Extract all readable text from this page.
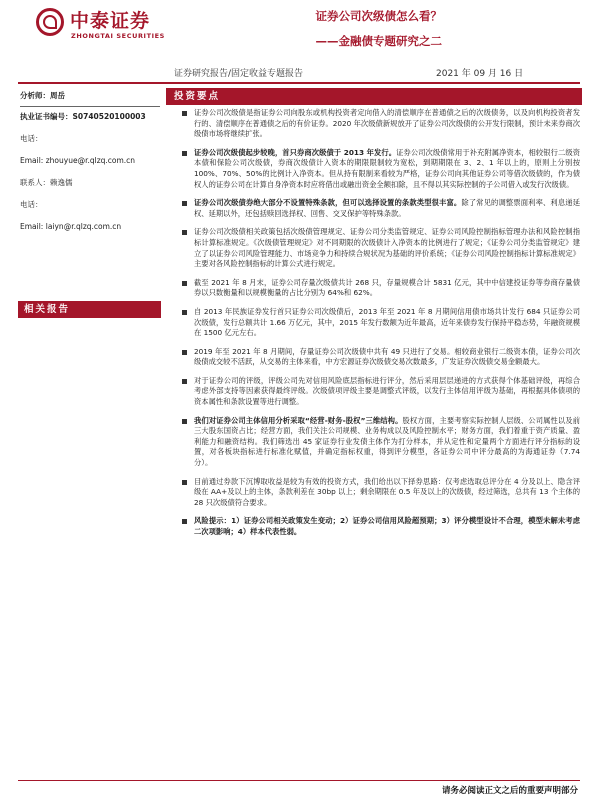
中泰证券
ZHONGTAI SECURITIES
证券公司次级债怎么看？
——金融债专题研究之二
证券研究报告/固定收益专题报告	2021 年 09 月 16 日
分析师：周岳
执业证书编号：S0740520100003
电话：
Email: zhouyue@r.qlzq.com.cn
联系人：赖逸儒
电话：
Email: laiyn@r.qlzq.com.cn
相关报告
投资要点
证券公司次级债是指证券公司向股东或机构投资者定向借入的清偿顺序在普通债之后的次级债务，以及向机构投资者发行的、清偿顺序在普通债之后的有价证券。2020 年次级债新规放开了证券公司次级债的公开发行限制，预计未来券商次级债市场将继续扩张。
证券公司次级债起步较晚，首只券商次级债于 2013 年发行。证券公司次级债常用于补充附属净资本，相较银行二级资本债和保险公司次级债，券商次级债计入资本的期限限制较为宽松，到期期限在 3、2、1 年以上的，原则上分别按 100%、70%、50%的比例计入净资本。但从持有限制来看较为严格，证券公司向其他证券公司等借次级债的，作为债权人的证券公司在计算自身净资本时应将借出或融出资金全额扣除，且不得以其实际控制的子公司借入或发行次级债。
证券公司次级债券绝大部分不设置特殊条款，但可以选择设置的条款类型很丰富。除了常见的调整票面利率、利息递延权、延期以外，还包括赎回选择权、回售、交叉保护等特殊条款。
证券公司次级债相关政策包括次级债管理规定、证券公司分类监管规定、证券公司风险控制指标管理办法和风险控制指标计算标准规定。《次级债管理规定》对不同期限的次级债计入净资本的比例进行了规定；《证券公司分类监管规定》建立了以证券公司风险管理能力、市场竞争力和持续合规状况为基础的评价系统；《证券公司风险控制指标计算标准规定》主要对各风险控制指标的计算公式进行规定。
截至 2021 年 8 月末，证券公司存量次级债共计 268 只，存量规模合计 5831 亿元，其中中信建投证券等券商存量债券以只数衡量和以规模衡量的占比分别为 64%和 62%。
自 2013 年民族证券发行首只证券公司次级债后，2013 年至 2021 年 8 月期间信用债市场共计发行 684 只证券公司次级债，发行总额共计 1.66 万亿元，其中，2015 年发行数额为近年最高，近年来债券发行保持平稳态势，年融资规模在 1500 亿元左右。
2019 年至 2021 年 8 月期间，存量证券公司次级债中共有 49 只进行了交易。相较商业银行二级资本债，证券公司次级债成交较不活跃，从交易的主体来看，中方宏源证券次级债交易次数最多，广发证券次级债交易金额最大。
对于证券公司的评级，评级公司先对信用风险底层指标进行评分，然后采用层层递进的方式获得个体基础评级，再综合考虑外部支持等因素获得最终评级。次级债项评级主要是调整式评级，以发行主体信用评级为基础，再根据具体债项的资本属性和条款设置等进行调整。
我们对证券公司主体信用分析采取“经营-财务-股权”三维结构。股权方面，主要考察实际控制人层级、公司属性以及前三大股东国资占比；经营方面，我们关注公司规模、业务构成以及风险控制水平；财务方面，我们着重于资产质量、盈利能力和融资结构。我们筛选出 45 家证券行业发债主体作为打分样本，并从定性和定量两个方面进行评分指标的设置，对各板块指标进行标准化赋值，并确定指标权重，得到评分模型，各证券公司中评分最高的为海通证券（7.74 分）。
目前通过券款下沉博取收益是较为有效的投资方式，我们给出以下择券思路：仅考虑选取总评分在 4 分及以上、隐含评级在 AA+及以上的主体，条款利差在 30bp 以上；剩余期限在 0.5 年及以上的次级债，经过筛选，总共有 13 个主体的 28 只次级债符合要求。
风险提示：1）证券公司相关政策发生变动；2）证券公司信用风险超预期；3）评分模型设计不合理，模型未解未考虑二次项影响；4）样本代表性弱。
请务必阅读正文之后的重要声明部分
